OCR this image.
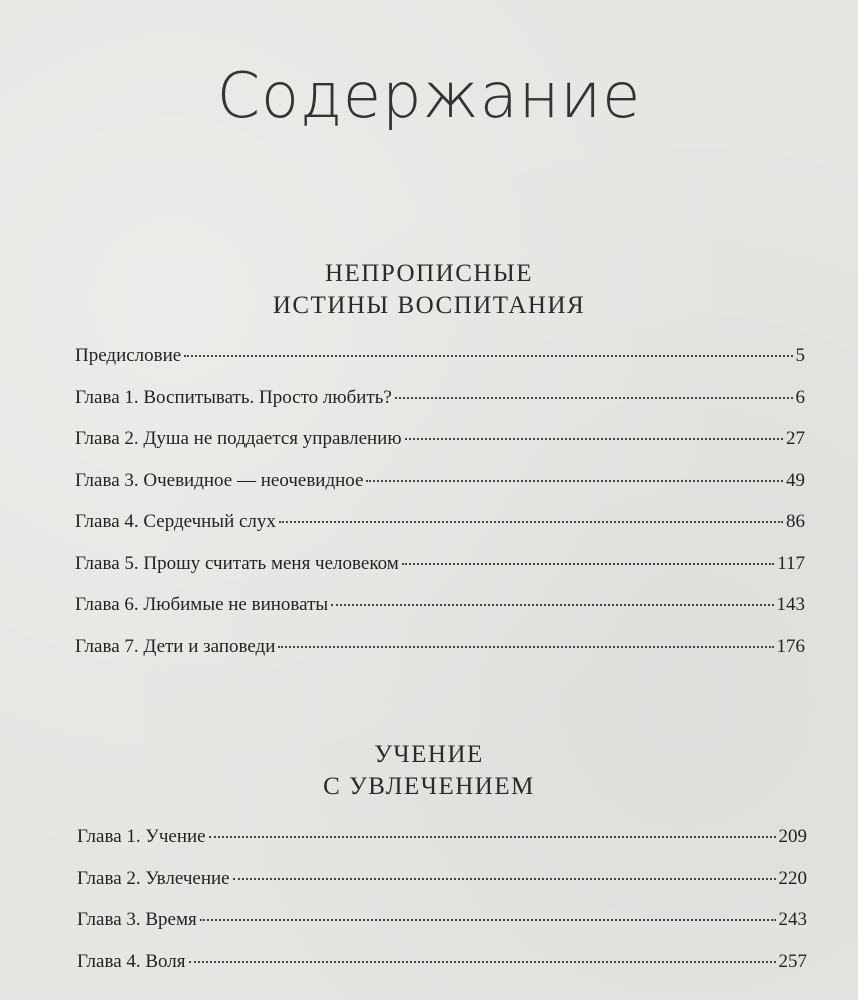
Содержание
НЕПРОПИСНЫЕ
ИСТИНЫ ВОСПИТАНИЯ
Предисловие	5
Глава 1. Воспитывать. Просто любить?	6
Глава 2. Душа не поддается управлению	27
Глава 3. Очевидное — неочевидное	49
Глава 4. Сердечный слух	86
Глава 5. Прошу считать меня человеком	117
Глава 6. Любимые не виноваты	143
Глава 7. Дети и заповеди	176
УЧЕНИЕ
С УВЛЕЧЕНИЕМ
Глава 1. Учение	209
Глава 2. Увлечение	220
Глава 3. Время	243
Глава 4. Воля	257
